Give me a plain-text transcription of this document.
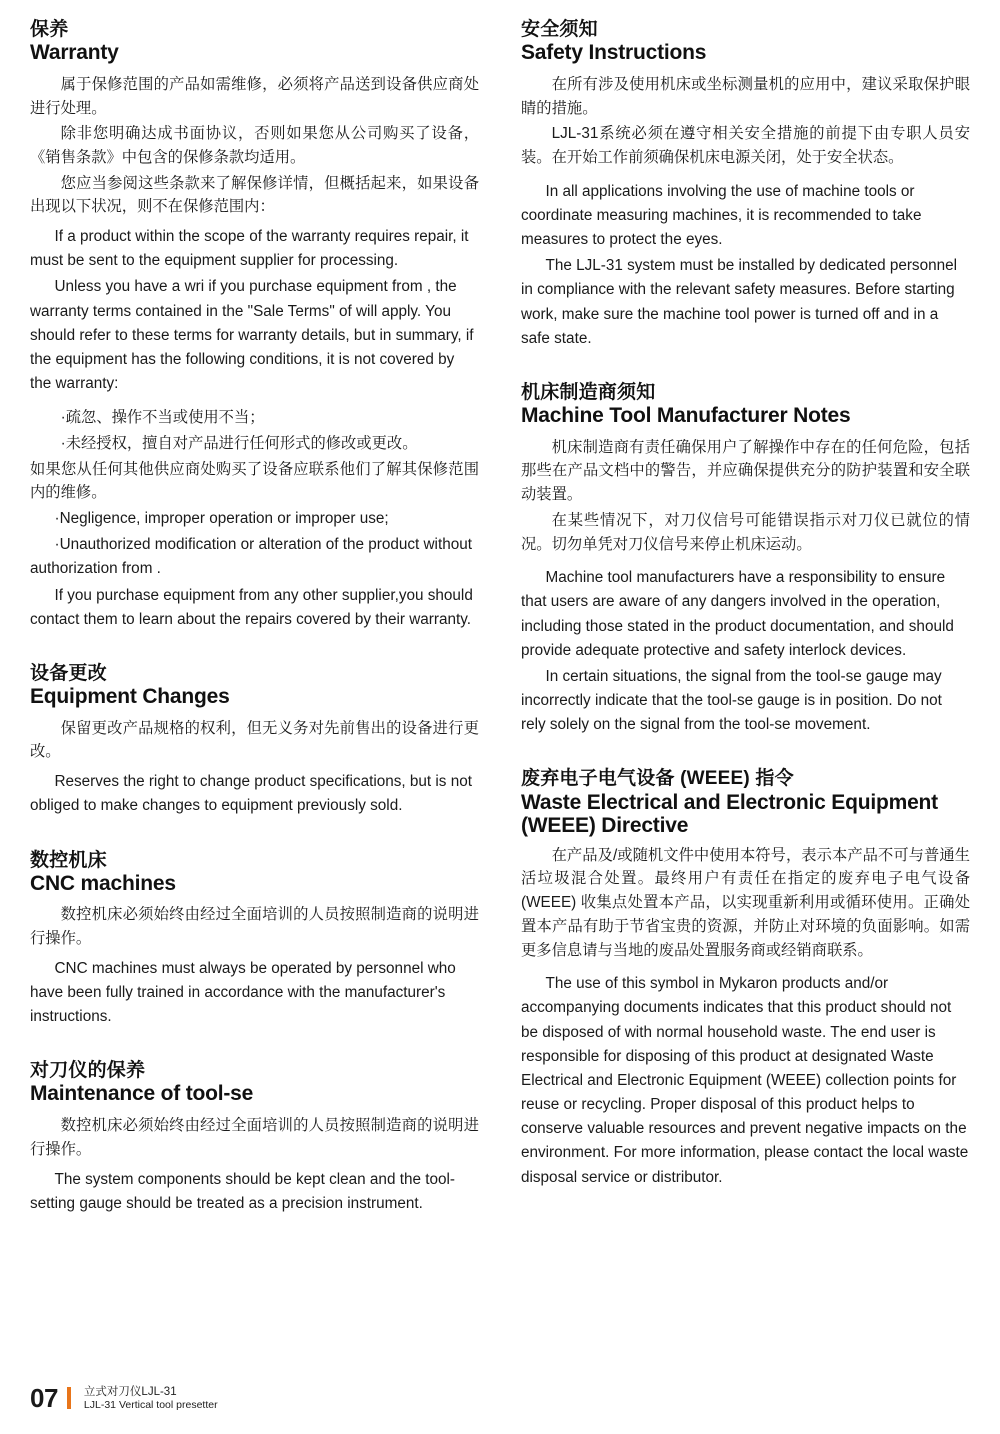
保养
Warranty

属于保修范围的产品如需维修，必须将产品送到设备供应商处进行处理。

除非您明确达成书面协议，否则如果您从公司购买了设备，《销售条款》中包含的保修条款均适用。

您应当参阅这些条款来了解保修详情，但概括起来，如果设备出现以下状况，则不在保修范围内：

If a product within the scope of the warranty requires repair, it must be sent to the equipment supplier for processing.

Unless you have a wri if you purchase equipment from , the warranty terms contained in the "Sale Terms" of will apply. You should refer to these terms for warranty details, but in summary, if the equipment has the following conditions, it is not covered by the warranty:

·疏忽、操作不当或使用不当；

·未经授权，擅自对产品进行任何形式的修改或更改。

如果您从任何其他供应商处购买了设备应联系他们了解其保修范围内的维修。

·Negligence, improper operation or improper use;

·Unauthorized modification or alteration of the product without authorization from .

If you purchase equipment from any other supplier,you should contact them to learn about the repairs covered by their warranty.

设备更改
Equipment Changes

保留更改产品规格的权利，但无义务对先前售出的设备进行更改。

Reserves the right to change product specifications, but is not obliged to make changes to equipment previously sold.

数控机床
CNC machines

数控机床必须始终由经过全面培训的人员按照制造商的说明进行操作。

CNC machines must always be operated by personnel who have been fully trained in accordance with the manufacturer's instructions.

对刀仪的保养
Maintenance of tool-se

数控机床必须始终由经过全面培训的人员按照制造商的说明进行操作。

The system components should be kept clean and the tool-setting gauge should be treated as a precision instrument.

安全须知
Safety Instructions

在所有涉及使用机床或坐标测量机的应用中，建议采取保护眼睛的措施。

LJL-31系统必须在遵守相关安全措施的前提下由专职人员安装。在开始工作前须确保机床电源关闭，处于安全状态。

In all applications involving the use of machine tools or coordinate measuring machines, it is recommended to take measures to protect the eyes.

The LJL-31 system must be installed by dedicated personnel in compliance with the relevant safety measures. Before starting work, make sure the machine tool power is turned off and in a safe state.

机床制造商须知
Machine Tool Manufacturer Notes

机床制造商有责任确保用户了解操作中存在的任何危险，包括那些在产品文档中的警告，并应确保提供充分的防护装置和安全联动装置。

在某些情况下，对刀仪信号可能错误指示对刀仪已就位的情况。切勿单凭对刀仪信号来停止机床运动。

Machine tool manufacturers have a responsibility to ensure that users are aware of any dangers involved in the operation, including those stated in the product documentation, and should provide adequate protective and safety interlock devices.

In certain situations, the signal from the tool-se gauge may incorrectly indicate that the tool-se gauge is in position. Do not rely solely on the signal from the tool-se movement.

废弃电子电气设备 (WEEE) 指令
Waste Electrical and Electronic Equipment (WEEE) Directive

在产品及/或随机文件中使用本符号，表示本产品不可与普通生活垃圾混合处置。最终用户有责任在指定的废弃电子电气设备(WEEE) 收集点处置本产品，以实现重新利用或循环使用。正确处置本产品有助于节省宝贵的资源，并防止对环境的负面影响。如需更多信息请与当地的废品处置服务商或经销商联系。

The use of this symbol in Mykaron products and/or accompanying documents indicates that this product should not be disposed of with normal household waste. The end user is responsible for disposing of this product at designated Waste Electrical and Electronic Equipment (WEEE) collection points for reuse or recycling. Proper disposal of this product helps to conserve valuable resources and prevent negative impacts on the environment. For more information, please contact the local waste disposal service or distributor.

07 立式对刀仪LJL-31
LJL-31 Vertical tool presetter
